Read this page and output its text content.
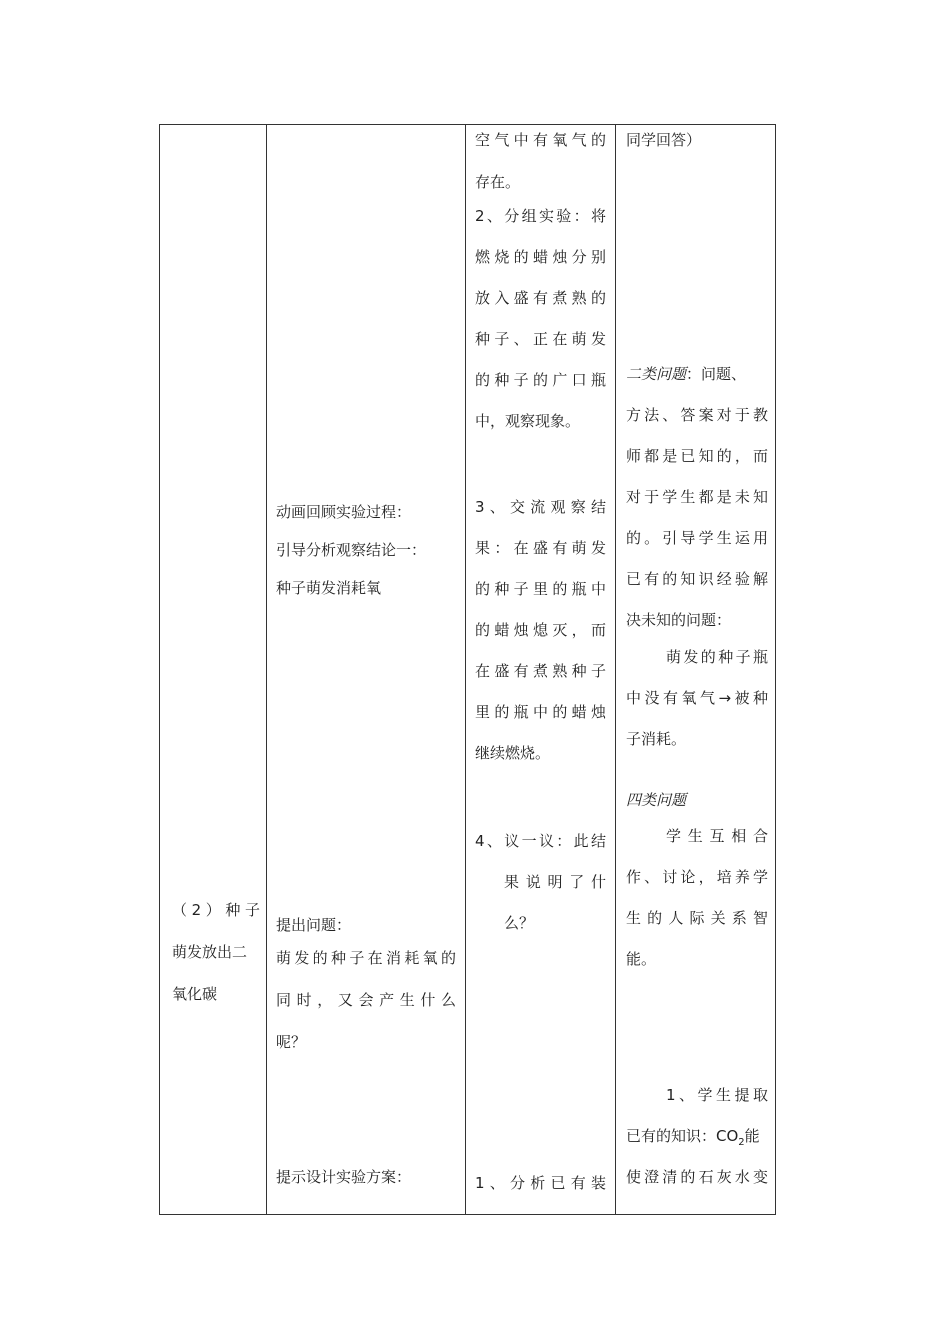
（2）种子
萌发放出二
氧化碳
动画回顾实验过程：
引导分析观察结论一：
种子萌发消耗氧
提出问题：
萌发的种子在消耗氧的
同时，又会产生什么
呢？
提示设计实验方案：
空气中有氧气的
存在。
2、分组实验：将
燃烧的蜡烛分别
放入盛有煮熟的
种子、正在萌发
的种子的广口瓶
中，观察现象。
3、交流观察结
果：在盛有萌发
的种子里的瓶中
的蜡烛熄灭，而
在盛有煮熟种子
里的瓶中的蜡烛
继续燃烧。
4、议一议：此结
果说明了什
么？
1、分析已有装
同学回答）
二类问题：问题、
方法、答案对于教
师都是已知的，而
对于学生都是未知
的。引导学生运用
已有的知识经验解
决未知的问题：
萌发的种子瓶
中没有氧气→被种
子消耗。
四类问题
学生互相合
作、讨论，培养学
生的人际关系智
能。
1、学生提取
已有的知识：$CO_2$能
使澄清的石灰水变
